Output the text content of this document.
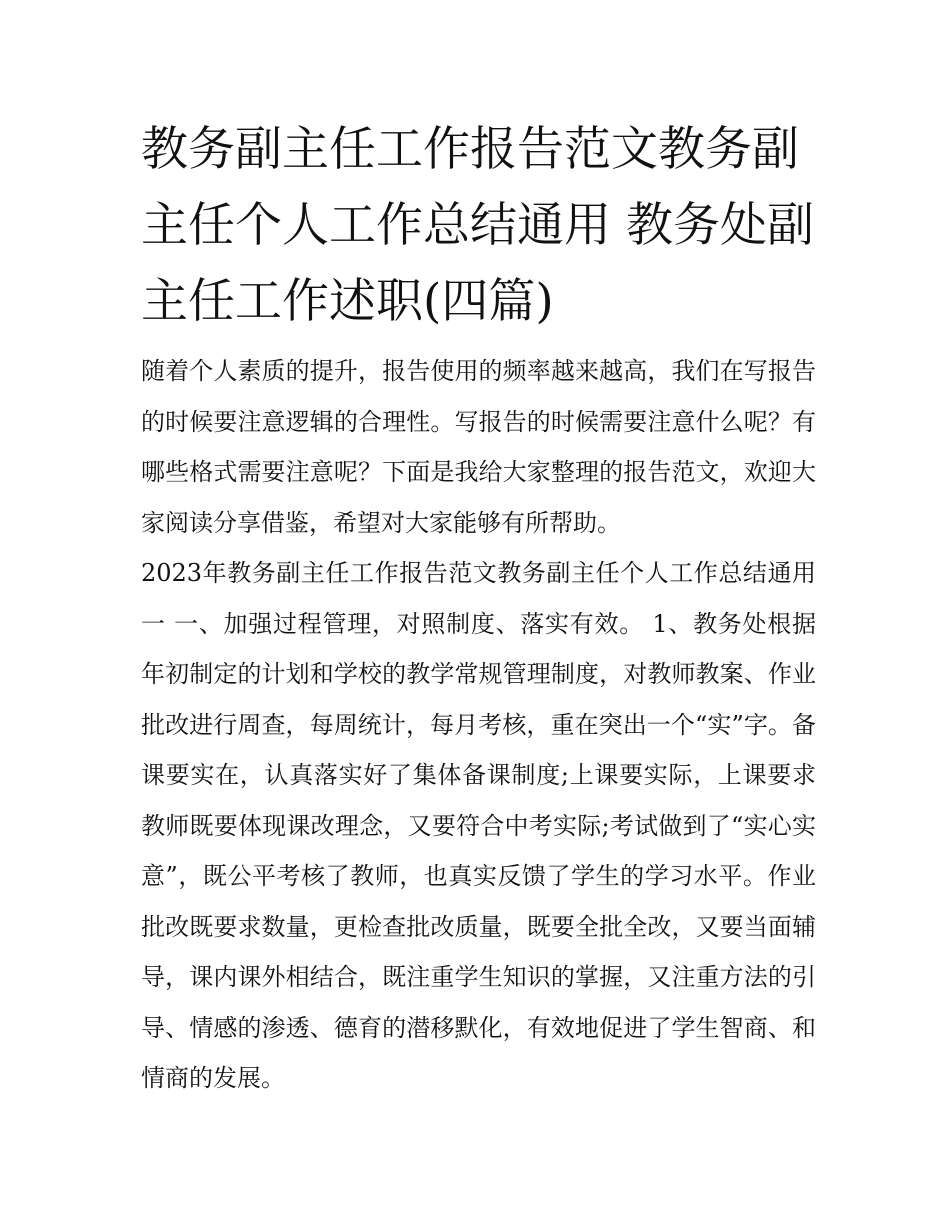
教务副主任工作报告范文教务副主任个人工作总结通用 教务处副主任工作述职(四篇)

随着个人素质的提升，报告使用的频率越来越高，我们在写报告的时候要注意逻辑的合理性。写报告的时候需要注意什么呢？有哪些格式需要注意呢？下面是我给大家整理的报告范文，欢迎大家阅读分享借鉴，希望对大家能够有所帮助。

2023年教务副主任工作报告范文教务副主任个人工作总结通用一 一、加强过程管理，对照制度、落实有效。 1、教务处根据年初制定的计划和学校的教学常规管理制度，对教师教案、作业批改进行周查，每周统计，每月考核，重在突出一个“实”字。备课要实在，认真落实好了集体备课制度;上课要实际，上课要求教师既要体现课改理念，又要符合中考实际;考试做到了“实心实意”，既公平考核了教师，也真实反馈了学生的学习水平。作业批改既要求数量，更检查批改质量，既要全批全改，又要当面辅导，课内课外相结合，既注重学生知识的掌握，又注重方法的引导、情感的渗透、德育的潜移默化，有效地促进了学生智商、和情商的发展。
